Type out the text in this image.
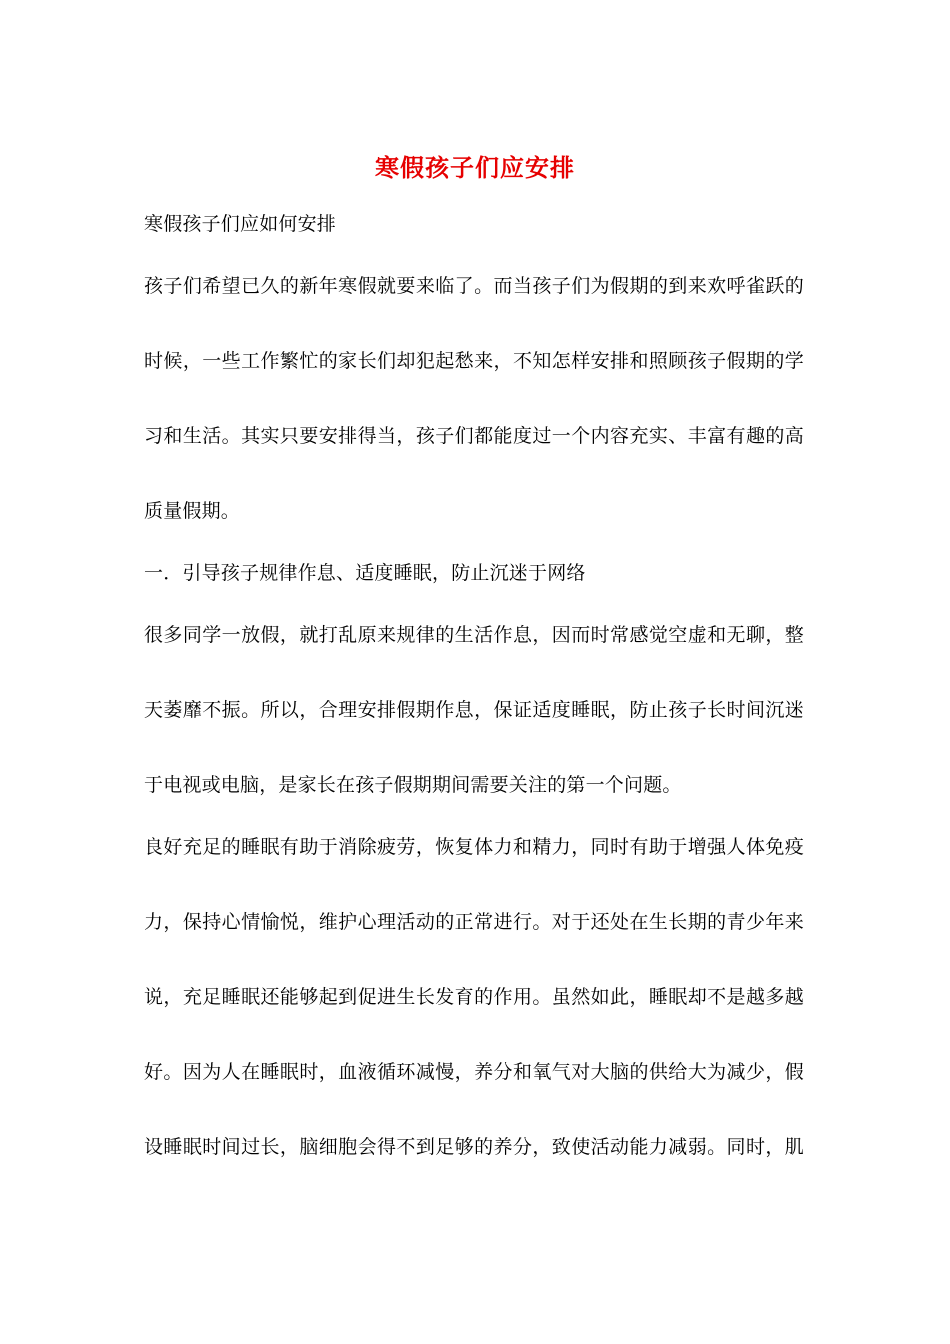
寒假孩子们应安排
寒假孩子们应如何安排
孩子们希望已久的新年寒假就要来临了。而当孩子们为假期的到来欢呼雀跃的
时候，一些工作繁忙的家长们却犯起愁来，不知怎样安排和照顾孩子假期的学
习和生活。其实只要安排得当，孩子们都能度过一个内容充实、丰富有趣的高
质量假期。
一．引导孩子规律作息、适度睡眠，防止沉迷于网络
很多同学一放假，就打乱原来规律的生活作息，因而时常感觉空虚和无聊，整
天萎靡不振。所以，合理安排假期作息，保证适度睡眠，防止孩子长时间沉迷
于电视或电脑，是家长在孩子假期期间需要关注的第一个问题。
良好充足的睡眠有助于消除疲劳，恢复体力和精力，同时有助于增强人体免疫
力，保持心情愉悦，维护心理活动的正常进行。对于还处在生长期的青少年来
说，充足睡眠还能够起到促进生长发育的作用。虽然如此，睡眠却不是越多越
好。因为人在睡眠时，血液循环减慢，养分和氧气对大脑的供给大为减少，假
设睡眠时间过长，脑细胞会得不到足够的养分，致使活动能力减弱。同时，肌
